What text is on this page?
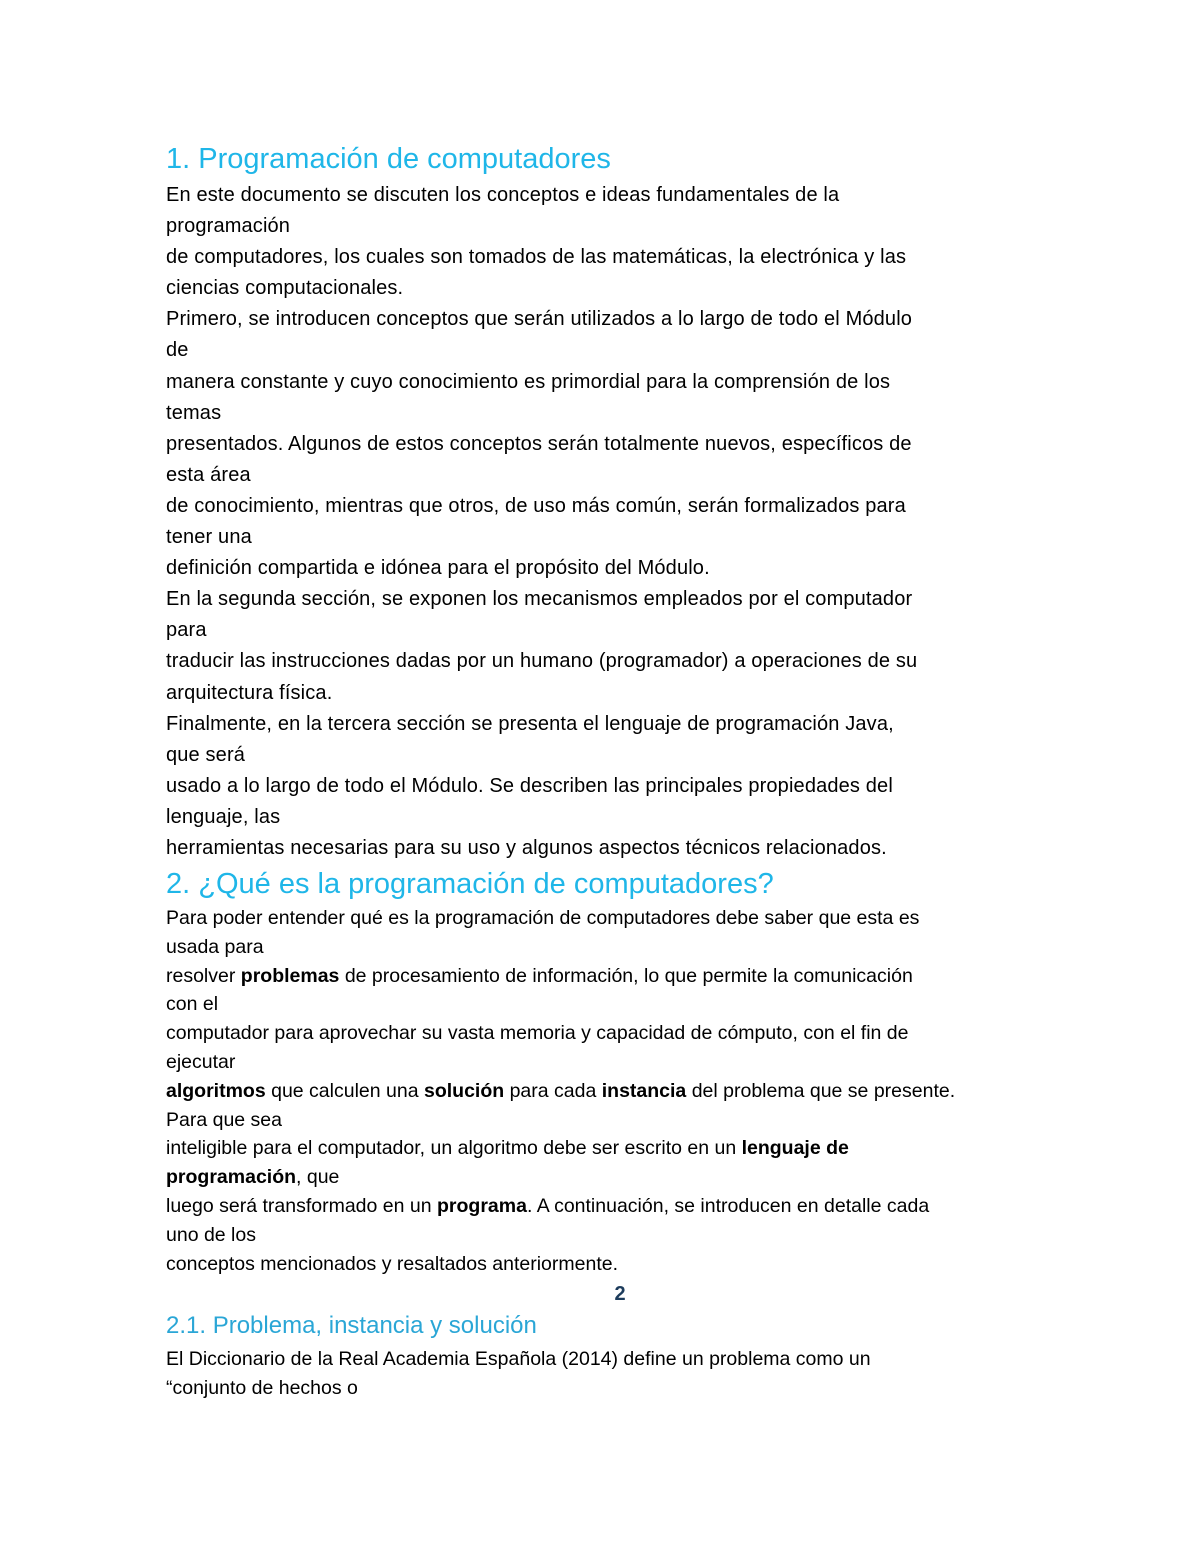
1. Programación de computadores
En este documento se discuten los conceptos e ideas fundamentales de la
programación
de computadores, los cuales son tomados de las matemáticas, la electrónica y las
ciencias computacionales.
Primero, se introducen conceptos que serán utilizados a lo largo de todo el Módulo
de
manera constante y cuyo conocimiento es primordial para la comprensión de los
temas
presentados. Algunos de estos conceptos serán totalmente nuevos, específicos de
esta área
de conocimiento, mientras que otros, de uso más común, serán formalizados para
tener una
definición compartida e idónea para el propósito del Módulo.
En la segunda sección, se exponen los mecanismos empleados por el computador
para
traducir las instrucciones dadas por un humano (programador) a operaciones de su
arquitectura física.
Finalmente, en la tercera sección se presenta el lenguaje de programación Java,
que será
usado a lo largo de todo el Módulo. Se describen las principales propiedades del
lenguaje, las
herramientas necesarias para su uso y algunos aspectos técnicos relacionados.
2. ¿Qué es la programación de computadores?
Para poder entender qué es la programación de computadores debe saber que esta es
usada para
resolver problemas de procesamiento de información, lo que permite la comunicación
con el
computador para aprovechar su vasta memoria y capacidad de cómputo, con el fin de
ejecutar
algoritmos que calculen una solución para cada instancia del problema que se presente.
Para que sea
inteligible para el computador, un algoritmo debe ser escrito en un lenguaje de
programación, que
luego será transformado en un programa. A continuación, se introducen en detalle cada
uno de los
conceptos mencionados y resaltados anteriormente.
2
2.1. Problema, instancia y solución
El Diccionario de la Real Academia Española (2014) define un problema como un
“conjunto de hechos o
